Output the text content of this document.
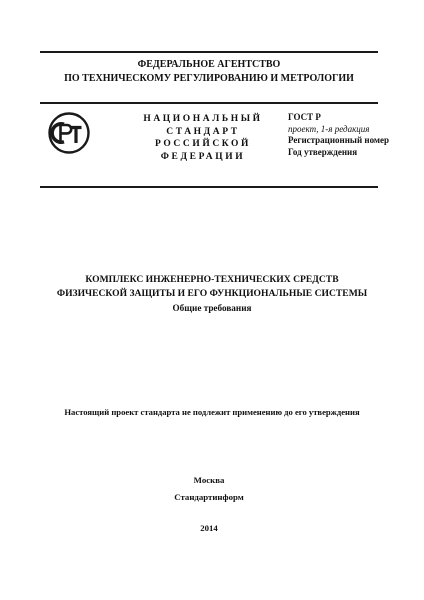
ФЕДЕРАЛЬНОЕ АГЕНТСТВО
ПО ТЕХНИЧЕСКОМУ РЕГУЛИРОВАНИЮ И МЕТРОЛОГИИ
НАЦИОНАЛЬНЫЙ
СТАНДАРТ
РОССИЙСКОЙ
ФЕДЕРАЦИИ
ГОСТ Р
проект, 1-я редакция
Регистрационный номер
Год утверждения
КОМПЛЕКС ИНЖЕНЕРНО-ТЕХНИЧЕСКИХ СРЕДСТВ
ФИЗИЧЕСКОЙ ЗАЩИТЫ И ЕГО ФУНКЦИОНАЛЬНЫЕ СИСТЕМЫ
Общие требования
Настоящий проект стандарта не подлежит применению до его утверждения
Москва
Стандартинформ
2014
